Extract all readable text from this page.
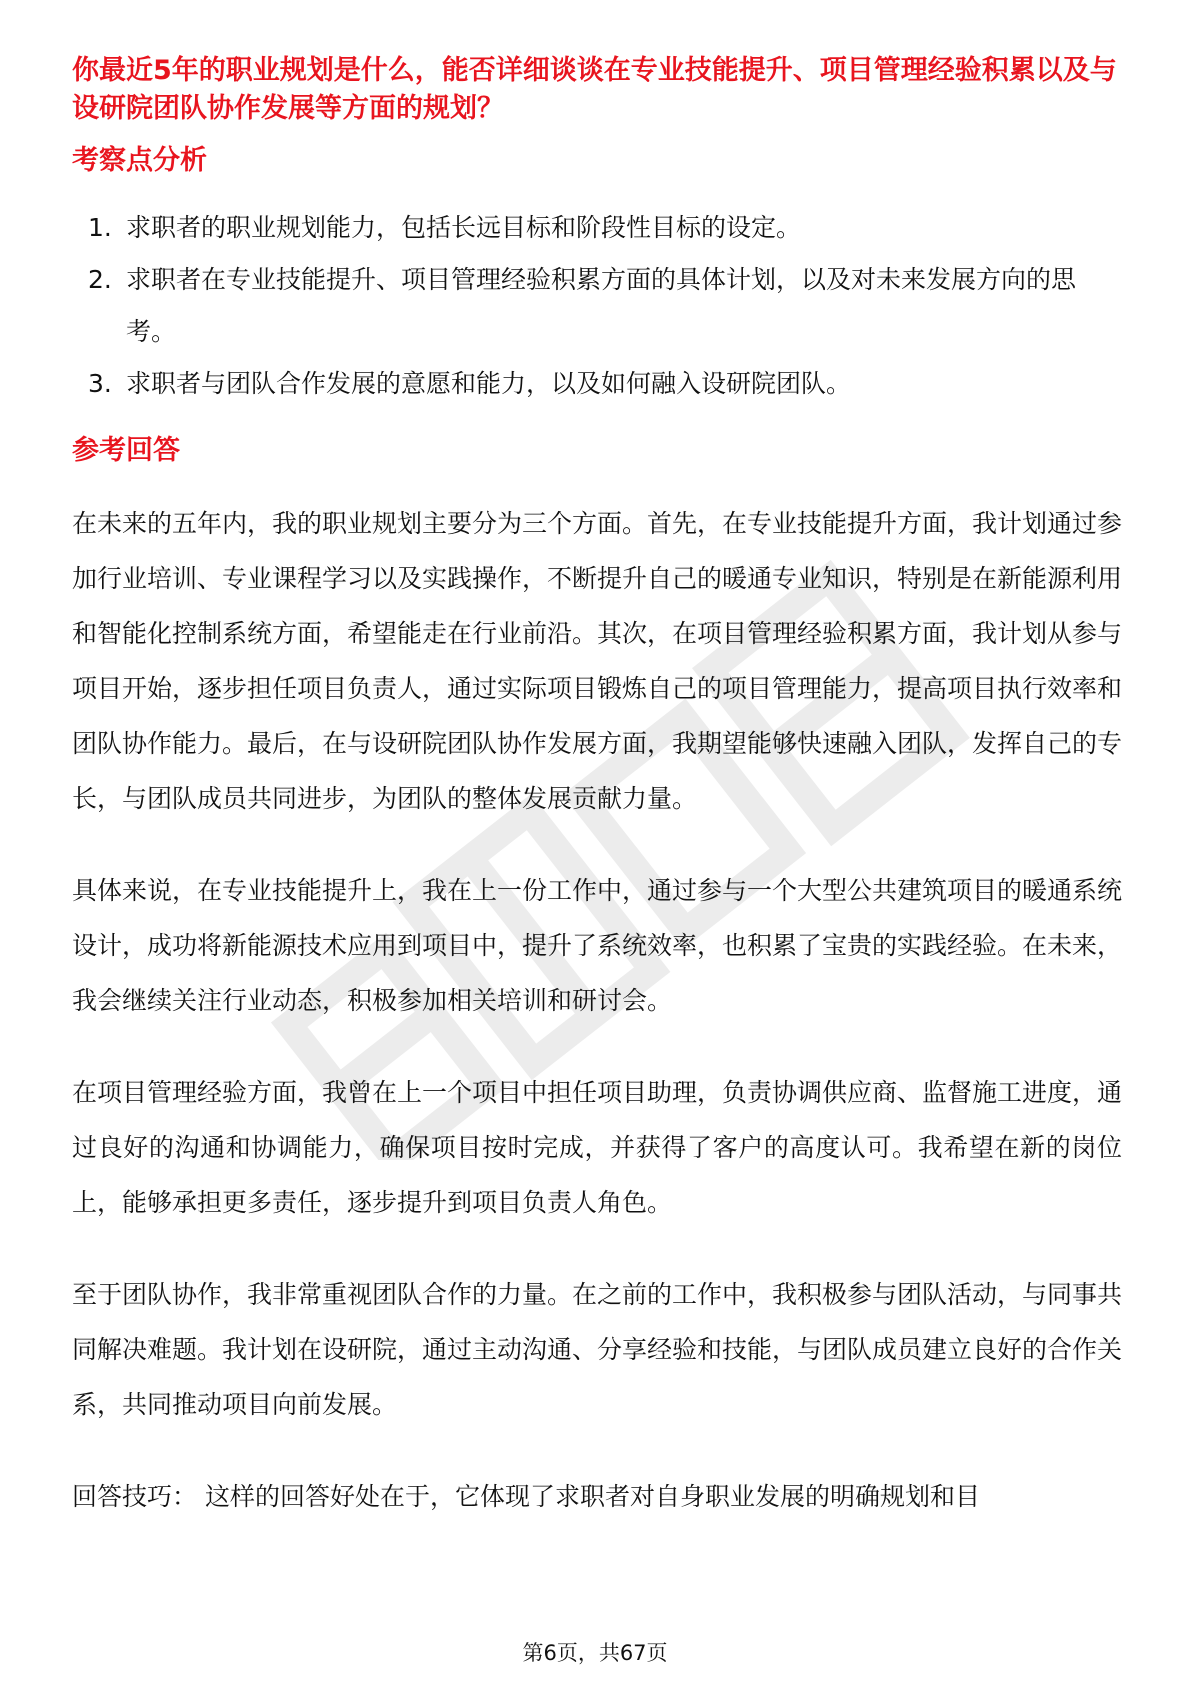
你最近5年的职业规划是什么，能否详细谈谈在专业技能提升、项目管理经验积累以及与设研院团队协作发展等方面的规划？

考察点分析
1. 求职者的职业规划能力，包括长远目标和阶段性目标的设定。
2. 求职者在专业技能提升、项目管理经验积累方面的具体计划，以及对未来发展方向的思考。
3. 求职者与团队合作发展的意愿和能力，以及如何融入设研院团队。
参考回答

在未来的五年内，我的职业规划主要分为三个方面。首先，在专业技能提升方面，我计划通过参加行业培训、专业课程学习以及实践操作，不断提升自己的暖通专业知识，特别是在新能源利用和智能化控制系统方面，希望能走在行业前沿。其次，在项目管理经验积累方面，我计划从参与项目开始，逐步担任项目负责人，通过实际项目锻炼自己的项目管理能力，提高项目执行效率和团队协作能力。最后，在与设研院团队协作发展方面，我期望能够快速融入团队，发挥自己的专长，与团队成员共同进步，为团队的整体发展贡献力量。

具体来说，在专业技能提升上，我在上一份工作中，通过参与一个大型公共建筑项目的暖通系统设计，成功将新能源技术应用到项目中，提升了系统效率，也积累了宝贵的实践经验。在未来，我会继续关注行业动态，积极参加相关培训和研讨会。

在项目管理经验方面，我曾在上一个项目中担任项目助理，负责协调供应商、监督施工进度，通过良好的沟通和协调能力，确保项目按时完成，并获得了客户的高度认可。我希望在新的岗位上，能够承担更多责任，逐步提升到项目负责人角色。

至于团队协作，我非常重视团队合作的力量。在之前的工作中，我积极参与团队活动，与同事共同解决难题。我计划在设研院，通过主动沟通、分享经验和技能，与团队成员建立良好的合作关系，共同推动项目向前发展。

回答技巧： 这样的回答好处在于，它体现了求职者对自身职业发展的明确规划和目

第6页，共67页
